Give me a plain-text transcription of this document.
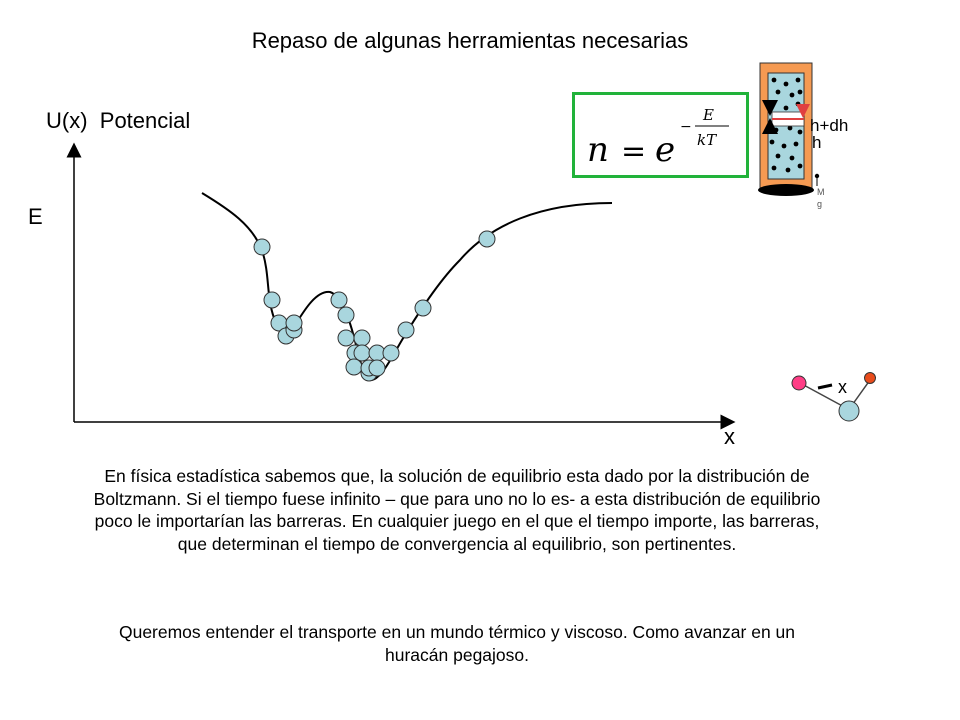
Repaso de algunas herramientas necesarias
U(x)  Potencial
E
x
n = e
−
E
kT
h+dh
h
M
g
x
En física estadística sabemos que, la solución de equilibrio esta dado por la distribución de Boltzmann. Si el tiempo fuese infinito – que para uno no lo es- a esta distribución de equilibrio poco le importarían las barreras. En cualquier juego en el que el tiempo importe, las barreras, que determinan el tiempo de convergencia al equilibrio, son pertinentes.
Queremos entender el transporte en un mundo térmico y viscoso. Como avanzar en un huracán pegajoso.
